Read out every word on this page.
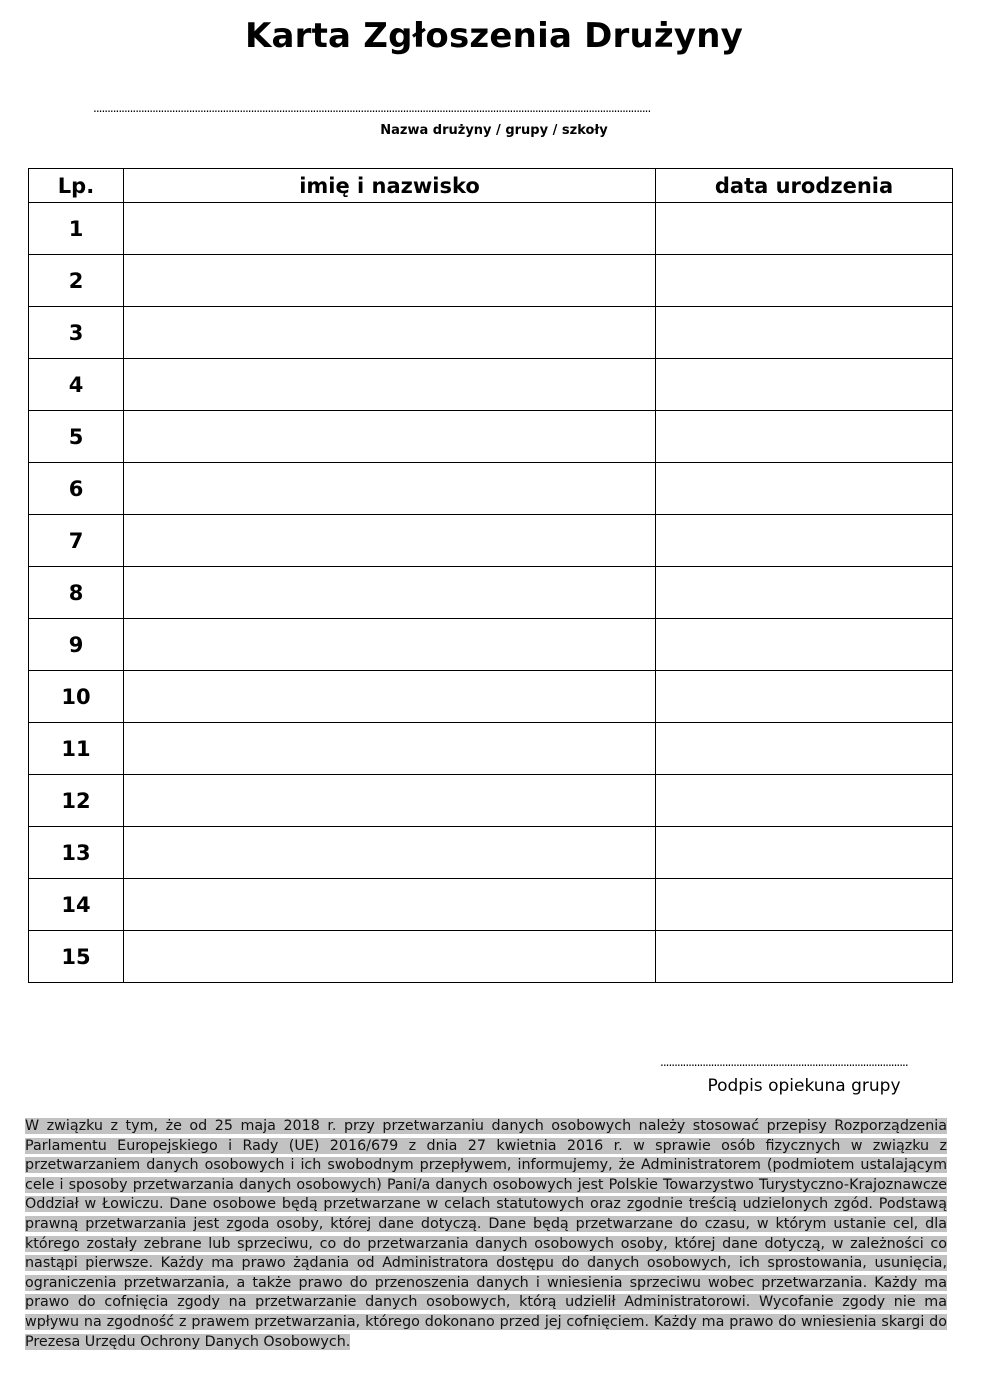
Karta Zgłoszenia Drużyny
......................................................................................................................................................................................................
Nazwa drużyny / grupy / szkoły
Lp.	imię i nazwisko	data urodzenia
1		
2		
3		
4		
5		
6		
7		
8		
9		
10		
11		
12		
13		
14		
15		
........................................................................................
Podpis opiekuna grupy

W związku z tym, że od 25 maja 2018 r. przy przetwarzaniu danych osobowych należy stosować przepisy Rozporządzenia Parlamentu Europejskiego i Rady (UE) 2016/679 z dnia 27 kwietnia 2016 r. w sprawie osób fizycznych w związku z przetwarzaniem danych osobowych i ich swobodnym przepływem, informujemy, że Administratorem (podmiotem ustalającym cele i sposoby przetwarzania danych osobowych) Pani/a danych osobowych jest Polskie Towarzystwo Turystyczno-Krajoznawcze Oddział w Łowiczu. Dane osobowe będą przetwarzane w celach statutowych oraz zgodnie treścią udzielonych zgód. Podstawą prawną przetwarzania jest zgoda osoby, której dane dotyczą. Dane będą przetwarzane do czasu, w którym ustanie cel, dla którego zostały zebrane lub sprzeciwu, co do przetwarzania danych osobowych osoby, której dane dotyczą, w zależności co nastąpi pierwsze. Każdy ma prawo żądania od Administratora dostępu do danych osobowych, ich sprostowania, usunięcia, ograniczenia przetwarzania, a także prawo do przenoszenia danych i wniesienia sprzeciwu wobec przetwarzania. Każdy ma prawo do cofnięcia zgody na przetwarzanie danych osobowych, którą udzielił Administratorowi. Wycofanie zgody nie ma wpływu na zgodność z prawem przetwarzania, którego dokonano przed jej cofnięciem. Każdy ma prawo do wniesienia skargi do Prezesa Urzędu Ochrony Danych Osobowych.
